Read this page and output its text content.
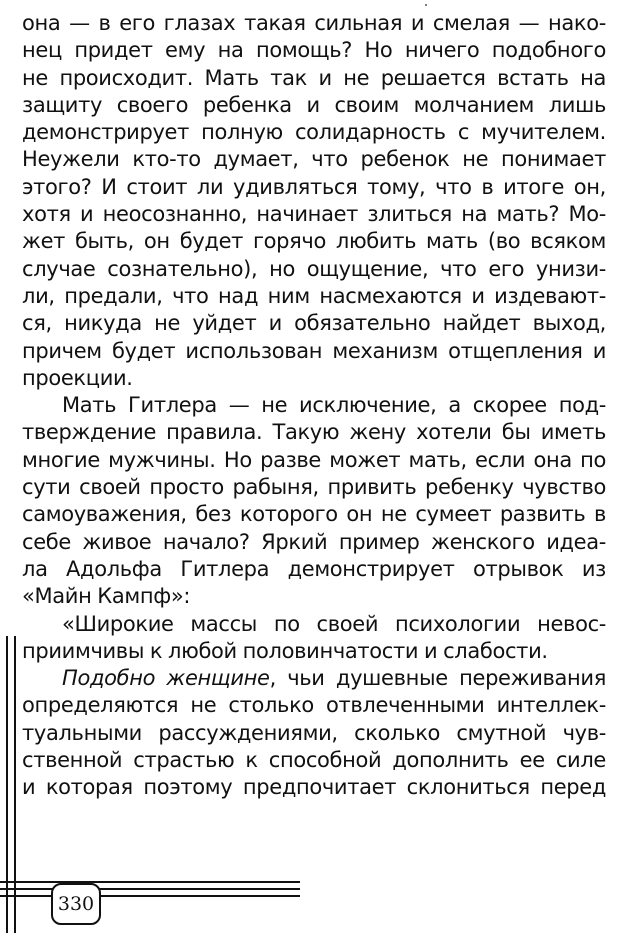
она — в его глазах такая сильная и смелая — нако-
нец придет ему на помощь? Но ничего подобного
не происходит. Мать так и не решается встать на
защиту своего ребенка и своим молчанием лишь
демонстрирует полную солидарность с мучителем.
Неужели кто-то думает, что ребенок не понимает
этого? И стоит ли удивляться тому, что в итоге он,
хотя и неосознанно, начинает злиться на мать? Мо-
жет быть, он будет горячо любить мать (во всяком
случае сознательно), но ощущение, что его унизи-
ли, предали, что над ним насмехаются и издевают-
ся, никуда не уйдет и обязательно найдет выход,
причем будет использован механизм отщепления и
проекции.
Мать Гитлера — не исключение, а скорее под-
тверждение правила. Такую жену хотели бы иметь
многие мужчины. Но разве может мать, если она по
сути своей просто рабыня, привить ребенку чувство
самоуважения, без которого он не сумеет развить в
себе живое начало? Яркий пример женского идеа-
ла Адольфа Гитлера демонстрирует отрывок из
«Майн Кампф»:
«Широкие массы по своей психологии невос-
приимчивы к любой половинчатости и слабости.
Подобно женщине, чьи душевные переживания
определяются не столько отвлеченными интеллек-
туальными рассуждениями, сколько смутной чув-
ственной страстью к способной дополнить ее силе
и которая поэтому предпочитает склониться перед
330
